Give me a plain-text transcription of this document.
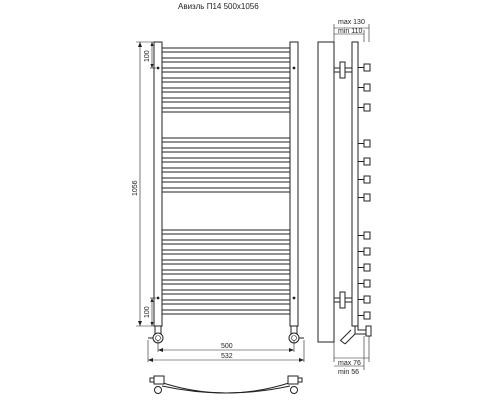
Авизль П14 500x1056
1056
100
100
500
532
max 130
min 110
max 76
min 56
